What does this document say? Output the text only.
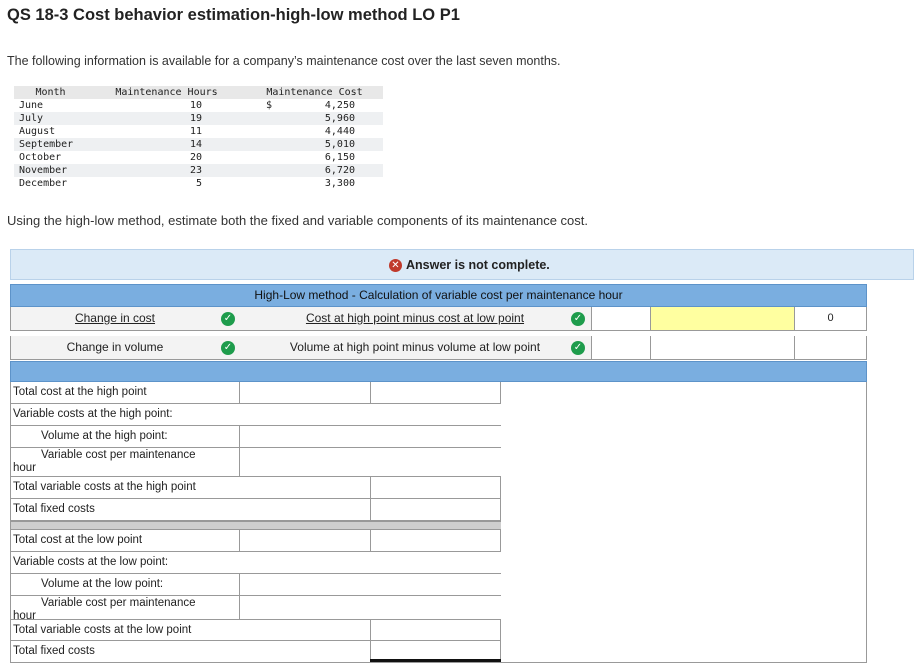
QS 18-3 Cost behavior estimation-high-low method LO P1
The following information is available for a company’s maintenance cost over the last seven months.
Month	Maintenance Hours	Maintenance Cost
June	10	$ 4,250
July	19	5,960
August	11	4,440
September	14	5,010
October	20	6,150
November	23	6,720
December	5	3,300
Using the high-low method, estimate both the fixed and variable components of its maintenance cost.
✕ Answer is not complete.
High-Low method - Calculation of variable cost per maintenance hour
Change in cost	✓	Cost at high point minus cost at low point	✓	0
Change in volume	✓	Volume at high point minus volume at low point	✓
Total cost at the high point
Variable costs at the high point:
Volume at the high point:
Variable cost per maintenance
hour
Total variable costs at the high point
Total fixed costs
Total cost at the low point
Variable costs at the low point:
Volume at the low point:
Variable cost per maintenance
hour
Total variable costs at the low point
Total fixed costs
